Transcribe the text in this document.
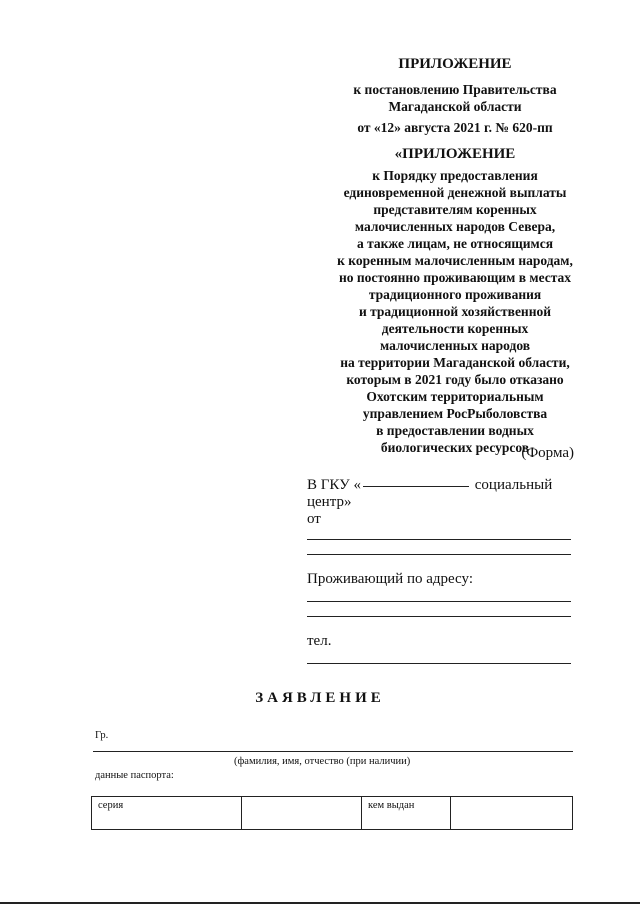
ПРИЛОЖЕНИЕ
к постановлению Правительства
Магаданской области
от «12» августа 2021 г. № 620-пп
«ПРИЛОЖЕНИЕ
к Порядку предоставления
единовременной денежной выплаты
представителям коренных
малочисленных народов Севера,
а также лицам, не относящимся
к коренным малочисленным народам,
но постоянно проживающим в местах
традиционного проживания
и традиционной хозяйственной
деятельности коренных
малочисленных народов
на территории Магаданской области,
которым в 2021 году было отказано
Охотским территориальным
управлением РосРыболовства
в предоставлении водных
биологических ресурсов
(Форма)
В ГКУ «	социальный
центр»
от
Проживающий по адресу:
тел.
ЗАЯВЛЕНИЕ
Гр.
(фамилия, имя, отчество (при наличии)
данные паспорта:
серия	кем выдан
